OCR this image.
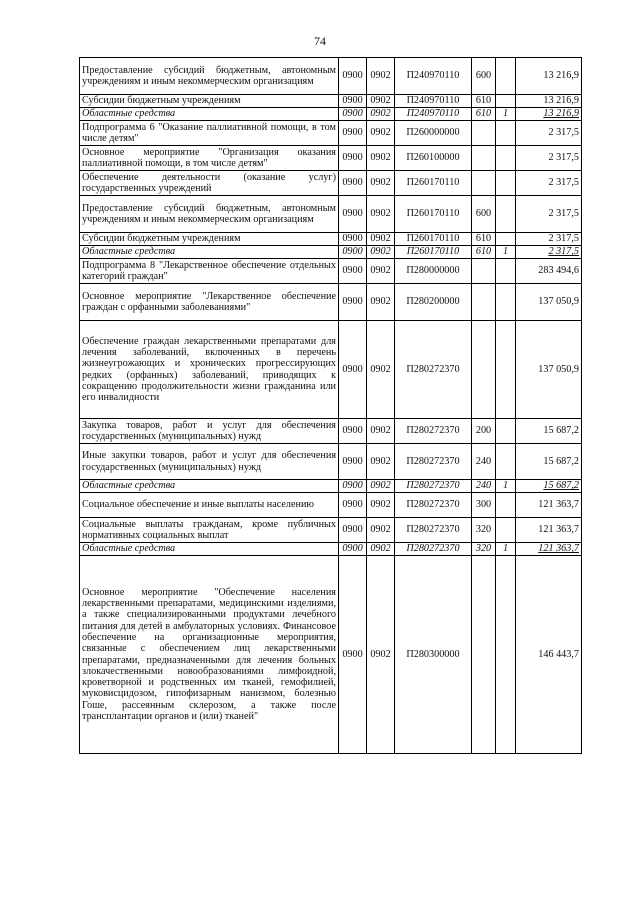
74
Предоставление субсидий бюджетным, автономным учреждениям и иным некоммерческим организациям	0900	0902	П240970110	600		13 216,9
Субсидии бюджетным учреждениям	0900	0902	П240970110	610		13 216,9
Областные средства	0900	0902	П240970110	610	1	13 216,9
Подпрограмма 6 "Оказание паллиативной помощи, в том числе детям"	0900	0902	П260000000			2 317,5
Основное мероприятие "Организация оказания паллиативной помощи, в том числе детям"	0900	0902	П260100000			2 317,5
Обеспечение деятельности (оказание услуг) государственных учреждений	0900	0902	П260170110			2 317,5
Предоставление субсидий бюджетным, автономным учреждениям и иным некоммерческим организациям	0900	0902	П260170110	600		2 317,5
Субсидии бюджетным учреждениям	0900	0902	П260170110	610		2 317,5
Областные средства	0900	0902	П260170110	610	1	2 317,5
Подпрограмма 8 "Лекарственное обеспечение отдельных категорий граждан"	0900	0902	П280000000			283 494,6
Основное мероприятие "Лекарственное обеспечение граждан с орфанными заболеваниями"	0900	0902	П280200000			137 050,9
Обеспечение граждан лекарственными препаратами для лечения заболеваний, включенных в перечень жизнеугрожающих и хронических прогрессирующих редких (орфанных) заболеваний, приводящих к сокращению продолжительности жизни гражданина или его инвалидности	0900	0902	П280272370			137 050,9
Закупка товаров, работ и услуг для обеспечения государственных (муниципальных) нужд	0900	0902	П280272370	200		15 687,2
Иные закупки товаров, работ и услуг для обеспечения государственных (муниципальных) нужд	0900	0902	П280272370	240		15 687,2
Областные средства	0900	0902	П280272370	240	1	15 687,2
Социальное обеспечение и иные выплаты населению	0900	0902	П280272370	300		121 363,7
Социальные выплаты гражданам, кроме публичных нормативных социальных выплат	0900	0902	П280272370	320		121 363,7
Областные средства	0900	0902	П280272370	320	1	121 363,7
Основное мероприятие "Обеспечение населения лекарственными препаратами, медицинскими изделиями, а также специализированными продуктами лечебного питания для детей в амбулаторных условиях. Финансовое обеспечение на организационные мероприятия, связанные с обеспечением лиц лекарственными препаратами, предназначенными для лечения больных злокачественными новообразованиями лимфоидной, кроветворной и родственных им тканей, гемофилией, муковисцидозом, гипофизарным нанизмом, болезнью Гоше, рассеянным склерозом, а также после трансплантации органов и (или) тканей"	0900	0902	П280300000			146 443,7
